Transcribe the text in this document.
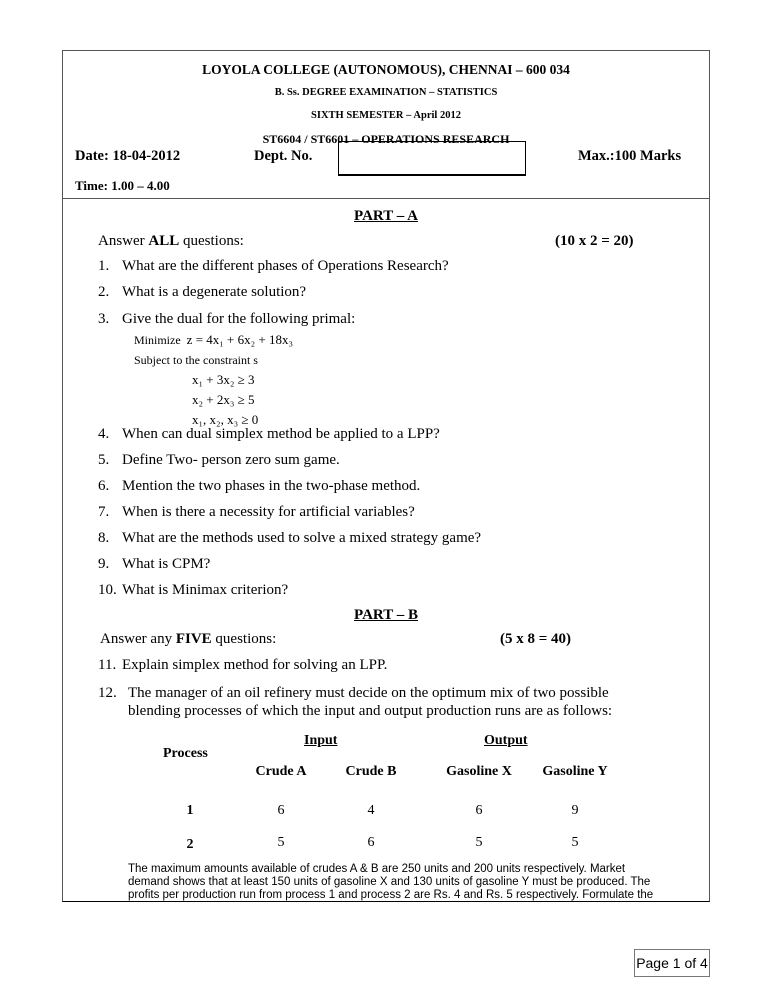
LOYOLA COLLEGE (AUTONOMOUS), CHENNAI – 600 034
B. Ss. DEGREE EXAMINATION – STATISTICS
SIXTH SEMESTER – April 2012
ST6604 / ST6601 – OPERATIONS RESEARCH
Date: 18-04-2012	Dept. No.	Max.:100 Marks
Time: 1.00 – 4.00
PART – A
Answer ALL questions:	(10 x 2 = 20)
1. What are the different phases of Operations Research?
2. What is a degenerate solution?
3. Give the dual for the following primal:
Minimize z = 4x₁ + 6x₂ + 18x₃
Subject to the constraint s
x₁ + 3x₂ ≥ 3
x₂ + 2x₃ ≥ 5
x₁, x₂, x₃ ≥ 0
4. When can dual simplex method be applied to a LPP?
5. Define Two- person zero sum game.
6. Mention the two phases in the two-phase method.
7. When is there a necessity for artificial variables?
8. What are the methods used to solve a mixed strategy game?
9. What is CPM?
10. What is Minimax criterion?
PART – B
Answer any FIVE questions:	(5 x 8 = 40)
11. Explain simplex method for solving an LPP.
12. The manager of an oil refinery must decide on the optimum mix of two possible
blending processes of which the input and output production runs are as follows:
Process
Input	Output
Crude A	Crude B	Gasoline X	Gasoline Y
1	6	4	6	9
2	5	6	5	5
The maximum amounts available of crudes A & B are 250 units and 200 units respectively. Market
demand shows that at least 150 units of gasoline X and 130 units of gasoline Y must be produced. The
profits per production run from process 1 and process 2 are Rs. 4 and Rs. 5 respectively. Formulate the
Page 1 of 4
